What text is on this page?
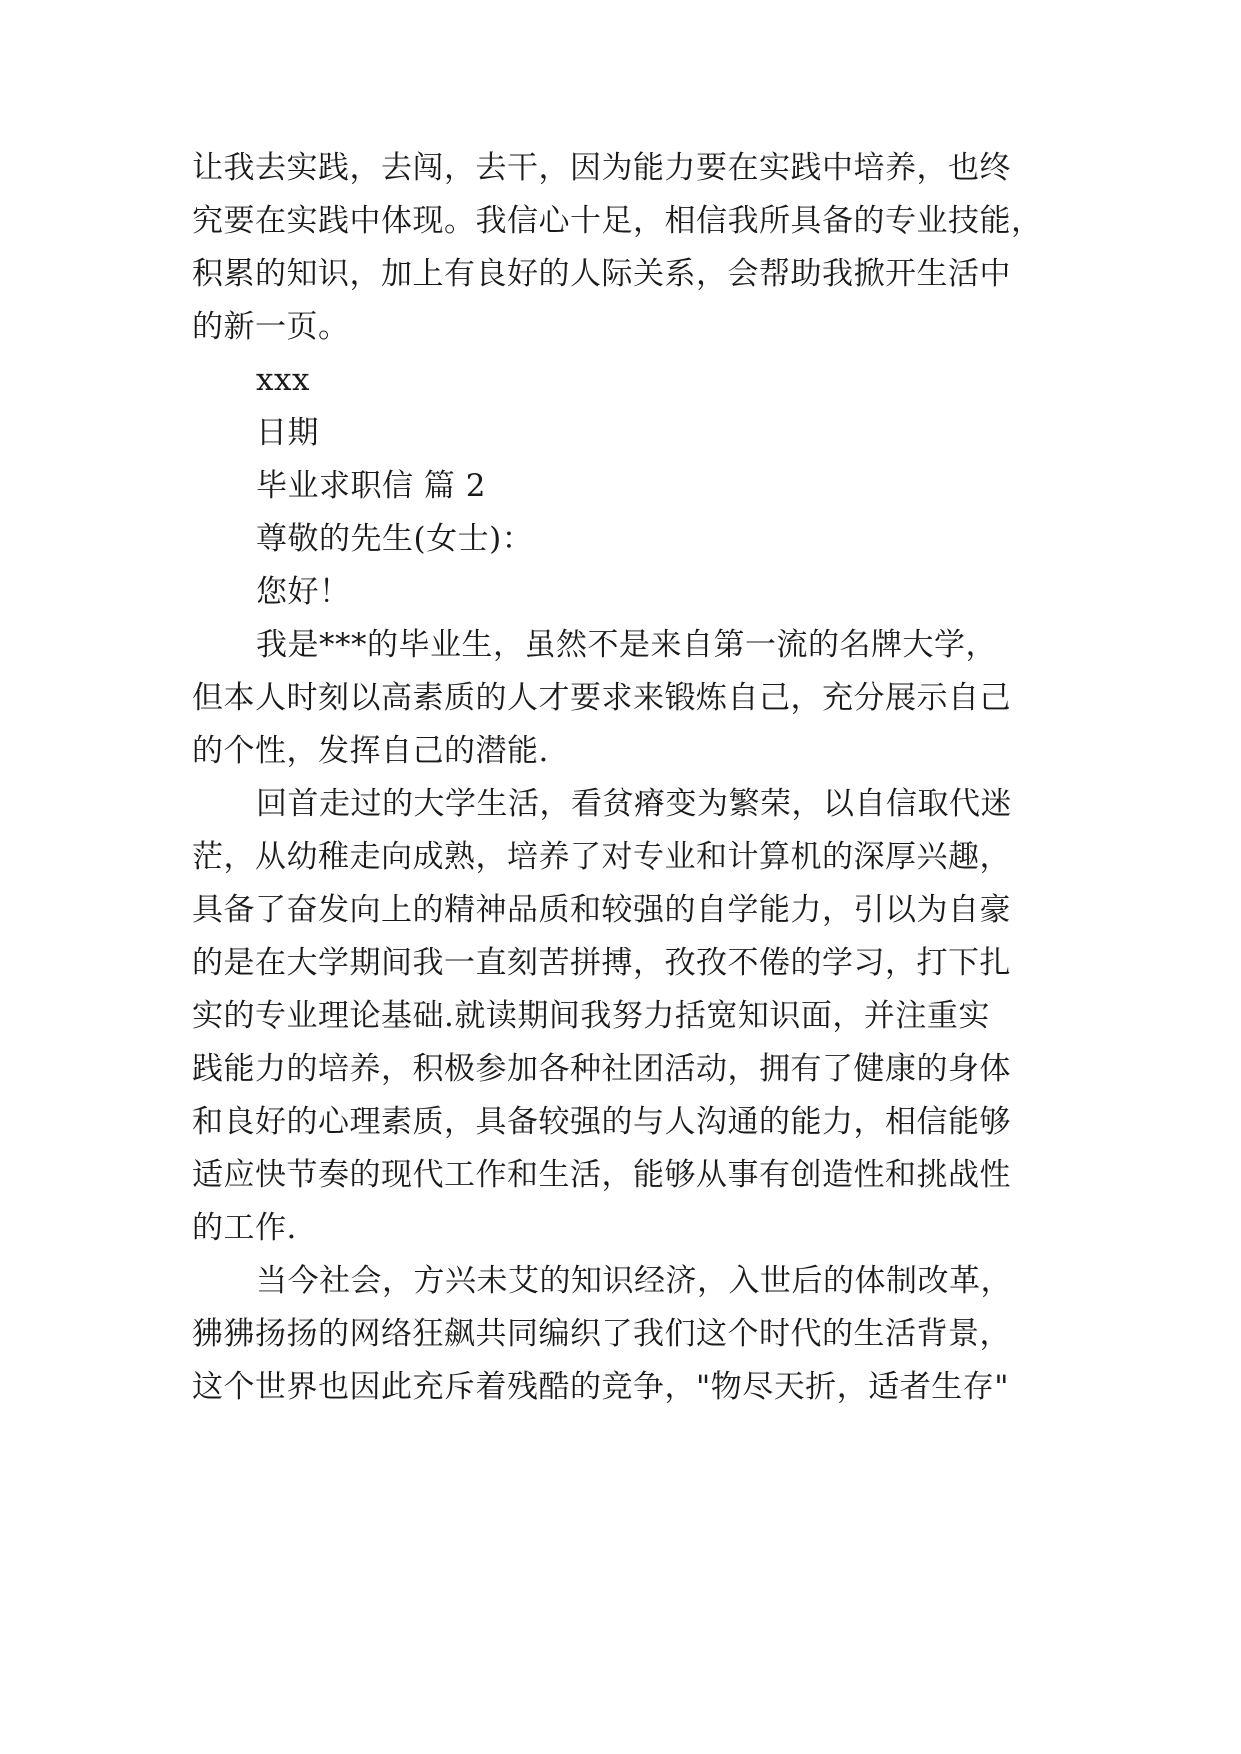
让我去实践，去闯，去干，因为能力要在实践中培养，也终
究要在实践中体现。我信心十足，相信我所具备的专业技能，
积累的知识，加上有良好的人际关系，会帮助我掀开生活中
的新一页。
xxx
日期
毕业求职信 篇 2
尊敬的先生(女士)：
您好！
我是***的毕业生，虽然不是来自第一流的名牌大学，
但本人时刻以高素质的人才要求来锻炼自己，充分展示自己
的个性，发挥自己的潜能.
回首走过的大学生活，看贫瘠变为繁荣，以自信取代迷
茫，从幼稚走向成熟，培养了对专业和计算机的深厚兴趣，
具备了奋发向上的精神品质和较强的自学能力，引以为自豪
的是在大学期间我一直刻苦拼搏，孜孜不倦的学习，打下扎
实的专业理论基础.就读期间我努力括宽知识面，并注重实
践能力的培养，积极参加各种社团活动，拥有了健康的身体
和良好的心理素质，具备较强的与人沟通的能力，相信能够
适应快节奏的现代工作和生活，能够从事有创造性和挑战性
的工作.
当今社会，方兴未艾的知识经济，入世后的体制改革，
狒狒扬扬的网络狂飙共同编织了我们这个时代的生活背景，
这个世界也因此充斥着残酷的竞争，"物尽天折，适者生存"
